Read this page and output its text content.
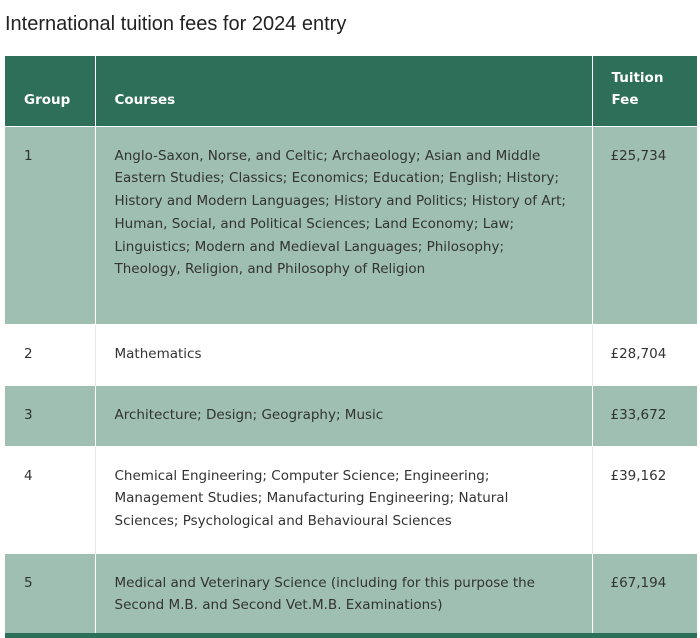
International tuition fees for 2024 entry
Group	Courses	Tuition Fee
1	Anglo-Saxon, Norse, and Celtic; Archaeology; Asian and Middle Eastern Studies; Classics; Economics; Education; English; History; History and Modern Languages; History and Politics; History of Art; Human, Social, and Political Sciences; Land Economy; Law; Linguistics; Modern and Medieval Languages; Philosophy; Theology, Religion, and Philosophy of Religion	£25,734
2	Mathematics	£28,704
3	Architecture; Design; Geography; Music	£33,672
4	Chemical Engineering; Computer Science; Engineering; Management Studies; Manufacturing Engineering; Natural Sciences; Psychological and Behavioural Sciences	£39,162
5	Medical and Veterinary Science (including for this purpose the Second M.B. and Second Vet.M.B. Examinations)	£67,194
